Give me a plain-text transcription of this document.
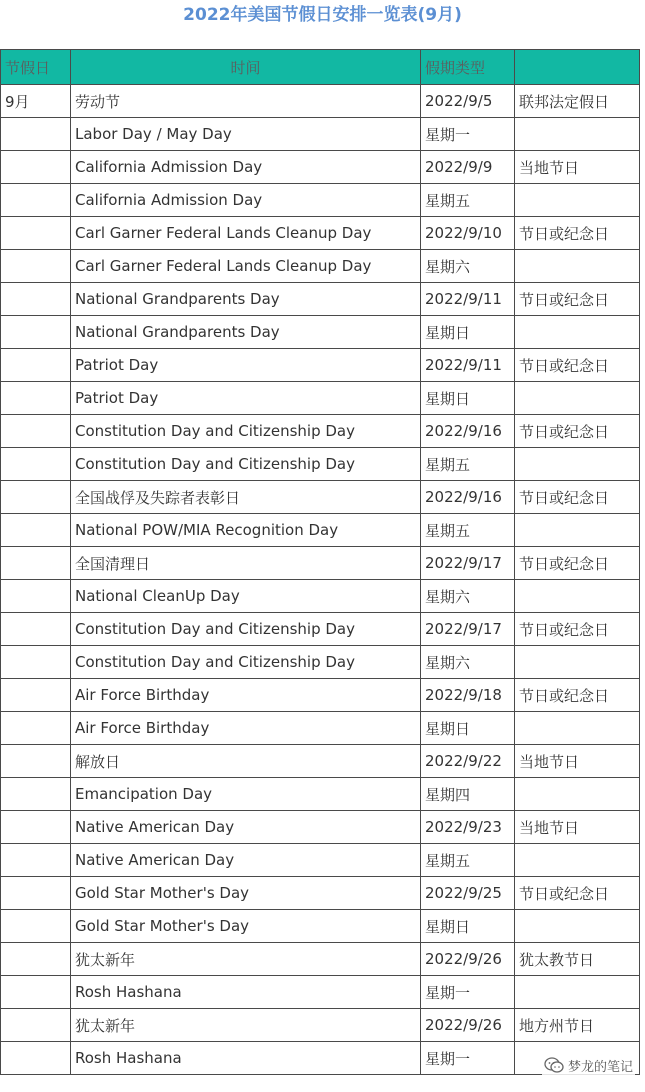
2022年美国节假日安排一览表(9月)
节假日	时间	假期类型	
9月	劳动节	2022/9/5	联邦法定假日
	Labor Day / May Day	星期一	
	California Admission Day	2022/9/9	当地节日
	California Admission Day	星期五	
	Carl Garner Federal Lands Cleanup Day	2022/9/10	节日或纪念日
	Carl Garner Federal Lands Cleanup Day	星期六	
	National Grandparents Day	2022/9/11	节日或纪念日
	National Grandparents Day	星期日	
	Patriot Day	2022/9/11	节日或纪念日
	Patriot Day	星期日	
	Constitution Day and Citizenship Day	2022/9/16	节日或纪念日
	Constitution Day and Citizenship Day	星期五	
	全国战俘及失踪者表彰日	2022/9/16	节日或纪念日
	National POW/MIA Recognition Day	星期五	
	全国清理日	2022/9/17	节日或纪念日
	National CleanUp Day	星期六	
	Constitution Day and Citizenship Day	2022/9/17	节日或纪念日
	Constitution Day and Citizenship Day	星期六	
	Air Force Birthday	2022/9/18	节日或纪念日
	Air Force Birthday	星期日	
	解放日	2022/9/22	当地节日
	Emancipation Day	星期四	
	Native American Day	2022/9/23	当地节日
	Native American Day	星期五	
	Gold Star Mother's Day	2022/9/25	节日或纪念日
	Gold Star Mother's Day	星期日	
	犹太新年	2022/9/26	犹太教节日
	Rosh Hashana	星期一	
	犹太新年	2022/9/26	地方州节日
	Rosh Hashana	星期一		梦龙的笔记
